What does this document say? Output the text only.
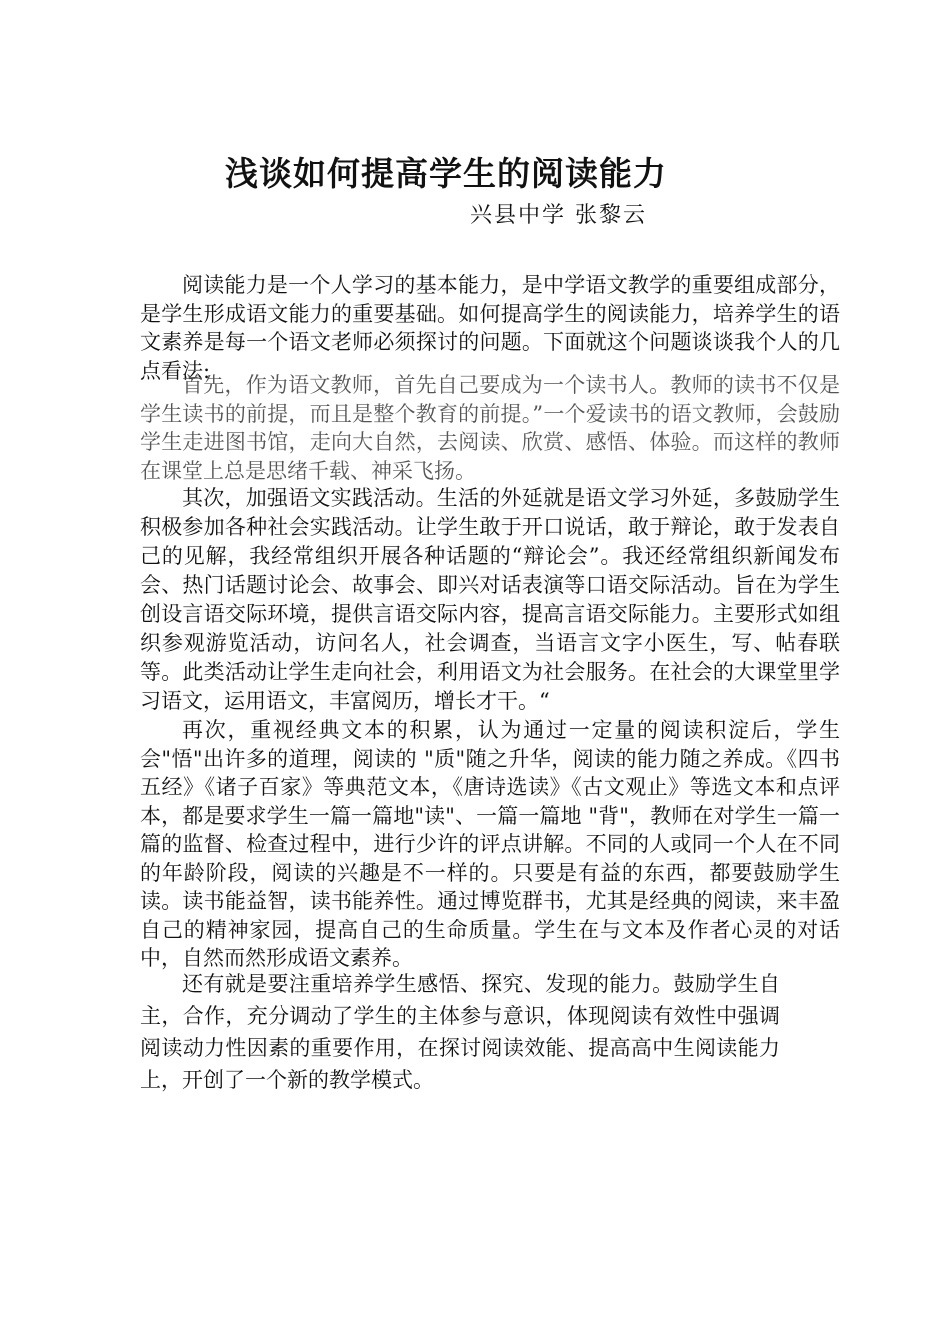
浅谈如何提高学生的阅读能力
兴县中学 张黎云

阅读能力是一个人学习的基本能力，是中学语文教学的重要组成部分，是学生形成语文能力的重要基础。如何提高学生的阅读能力，培养学生的语文素养是每一个语文老师必须探讨的问题。下面就这个问题谈谈我个人的几点看法:

首先，作为语文教师，首先自己要成为一个读书人。教师的读书不仅是学生读书的前提，而且是整个教育的前提。”一个爱读书的语文教师，会鼓励学生走进图书馆，走向大自然，去阅读、欣赏、感悟、体验。而这样的教师在课堂上总是思绪千载、神采飞扬。

其次，加强语文实践活动。生活的外延就是语文学习外延，多鼓励学生积极参加各种社会实践活动。让学生敢于开口说话，敢于辩论，敢于发表自己的见解，我经常组织开展各种话题的“辩论会”。我还经常组织新闻发布会、热门话题讨论会、故事会、即兴对话表演等口语交际活动。旨在为学生创设言语交际环境，提供言语交际内容，提高言语交际能力。主要形式如组织参观游览活动，访问名人，社会调查，当语言文字小医生，写、帖春联等。此类活动让学生走向社会，利用语文为社会服务。在社会的大课堂里学习语文，运用语文，丰富阅历，增长才干。“

再次，重视经典文本的积累，认为通过一定量的阅读积淀后，学生会"悟"出许多的道理，阅读的 "质"随之升华，阅读的能力随之养成。《四书五经》《诸子百家》等典范文本，《唐诗选读》《古文观止》等选文本和点评本，都是要求学生一篇一篇地"读"、一篇一篇地 "背"，教师在对学生一篇一篇的监督、检查过程中，进行少许的评点讲解。不同的人或同一个人在不同的年龄阶段，阅读的兴趣是不一样的。只要是有益的东西，都要鼓励学生读。读书能益智，读书能养性。通过博览群书，尤其是经典的阅读，来丰盈自己的精神家园，提高自己的生命质量。学生在与文本及作者心灵的对话中，自然而然形成语文素养。

还有就是要注重培养学生感悟、探究、发现的能力。鼓励学生自主，合作，充分调动了学生的主体参与意识，体现阅读有效性中强调阅读动力性因素的重要作用，在探讨阅读效能、提高高中生阅读能力上，开创了一个新的教学模式。
